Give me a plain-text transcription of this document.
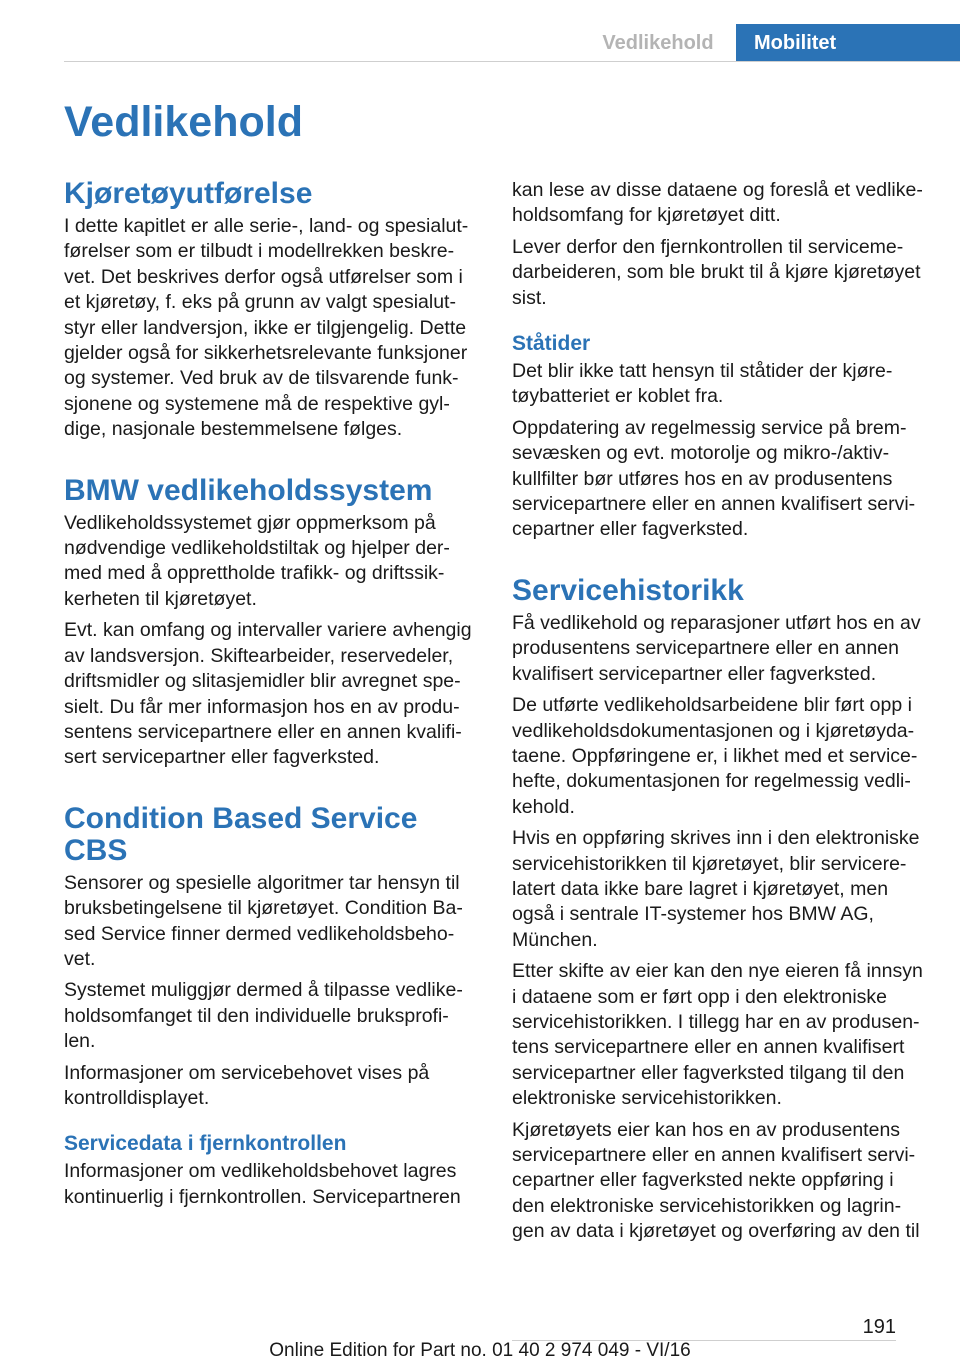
Vedlikehold	Mobilitet
Vedlikehold
Kjøretøyutførelse

I dette kapitlet er alle serie-, land- og spesialut-
førelser som er tilbudt i modellrekken beskre-
vet. Det beskrives derfor også utførelser som i
et kjøretøy, f. eks på grunn av valgt spesialut-
styr eller landversjon, ikke er tilgjengelig. Dette
gjelder også for sikkerhetsrelevante funksjoner
og systemer. Ved bruk av de tilsvarende funk-
sjonene og systemene må de respektive gyl-
dige, nasjonale bestemmelsene følges.

BMW vedlikeholdssystem

Vedlikeholdssystemet gjør oppmerksom på
nødvendige vedlikeholdstiltak og hjelper der-
med med å opprettholde trafikk- og driftssik-
kerheten til kjøretøyet.

Evt. kan omfang og intervaller variere avhengig
av landsversjon. Skiftearbeider, reservedeler,
driftsmidler og slitasjemidler blir avregnet spe-
sielt. Du får mer informasjon hos en av produ-
sentens servicepartnere eller en annen kvalifi-
sert servicepartner eller fagverksted.

Condition Based Service
CBS

Sensorer og spesielle algoritmer tar hensyn til
bruksbetingelsene til kjøretøyet. Condition Ba-
sed Service finner dermed vedlikeholdsbeho-
vet.

Systemet muliggjør dermed å tilpasse vedlike-
holdsomfanget til den individuelle bruksprofi-
len.

Informasjoner om servicebehovet vises på
kontrolldisplayet.

Servicedata i fjernkontrollen

Informasjoner om vedlikeholdsbehovet lagres
kontinuerlig i fjernkontrollen. Servicepartneren

kan lese av disse dataene og foreslå et vedlike-
holdsomfang for kjøretøyet ditt.

Lever derfor den fjernkontrollen til serviceme-
darbeideren, som ble brukt til å kjøre kjøretøyet
sist.

Ståtider

Det blir ikke tatt hensyn til ståtider der kjøre-
tøybatteriet er koblet fra.

Oppdatering av regelmessig service på brem-
sevæsken og evt. motorolje og mikro-/aktiv-
kullfilter bør utføres hos en av produsentens
servicepartnere eller en annen kvalifisert servi-
cepartner eller fagverksted.

Servicehistorikk

Få vedlikehold og reparasjoner utført hos en av
produsentens servicepartnere eller en annen
kvalifisert servicepartner eller fagverksted.

De utførte vedlikeholdsarbeidene blir ført opp i
vedlikeholdsdokumentasjonen og i kjøretøyda-
taene. Oppføringene er, i likhet med et service-
hefte, dokumentasjonen for regelmessig vedli-
kehold.

Hvis en oppføring skrives inn i den elektroniske
servicehistorikken til kjøretøyet, blir servicere-
latert data ikke bare lagret i kjøretøyet, men
også i sentrale IT-systemer hos BMW AG,
München.

Etter skifte av eier kan den nye eieren få innsyn
i dataene som er ført opp i den elektroniske
servicehistorikken. I tillegg har en av produsen-
tens servicepartnere eller en annen kvalifisert
servicepartner eller fagverksted tilgang til den
elektroniske servicehistorikken.

Kjøretøyets eier kan hos en av produsentens
servicepartnere eller en annen kvalifisert servi-
cepartner eller fagverksted nekte oppføring i
den elektroniske servicehistorikken og lagrin-
gen av data i kjøretøyet og overføring av den til

191
Online Edition for Part no. 01 40 2 974 049 - VI/16
